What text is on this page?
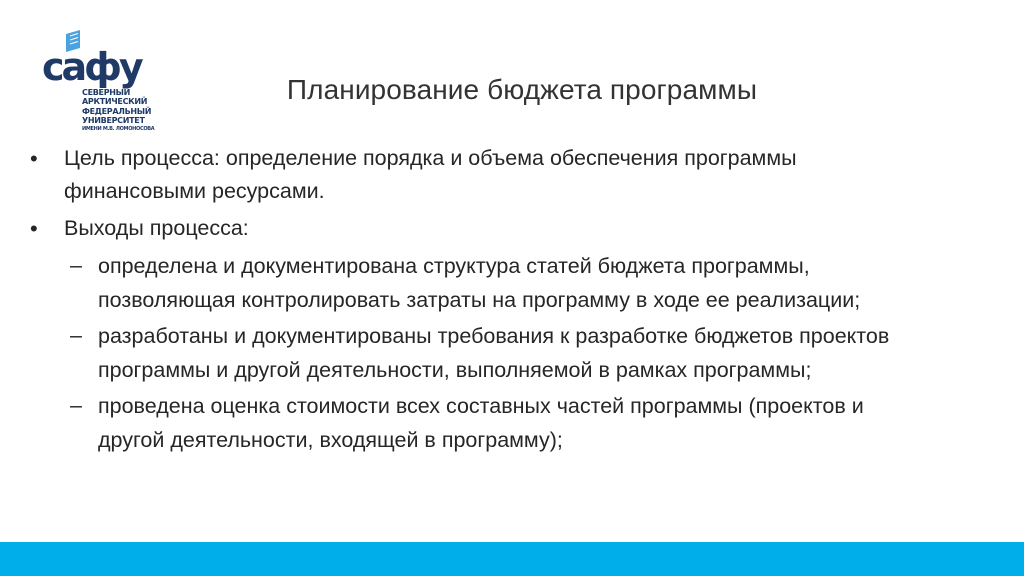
сафу
СЕВЕРНЫЙ
АРКТИЧЕСКИЙ
ФЕДЕРАЛЬНЫЙ
УНИВЕРСИТЕТ
ИМЕНИ М.В. ЛОМОНОСОВА
Планирование бюджета программы
•	Цель процесса: определение порядка и объема обеспечения программы финансовыми ресурсами.
•	Выходы процесса:
– определена и документирована структура статей бюджета программы, позволяющая контролировать затраты на программу в ходе ее реализации;
– разработаны и документированы требования к разработке бюджетов проектов программы и другой деятельности, выполняемой в рамках программы;
– проведена оценка стоимости всех составных частей программы (проектов и другой деятельности, входящей в программу);
